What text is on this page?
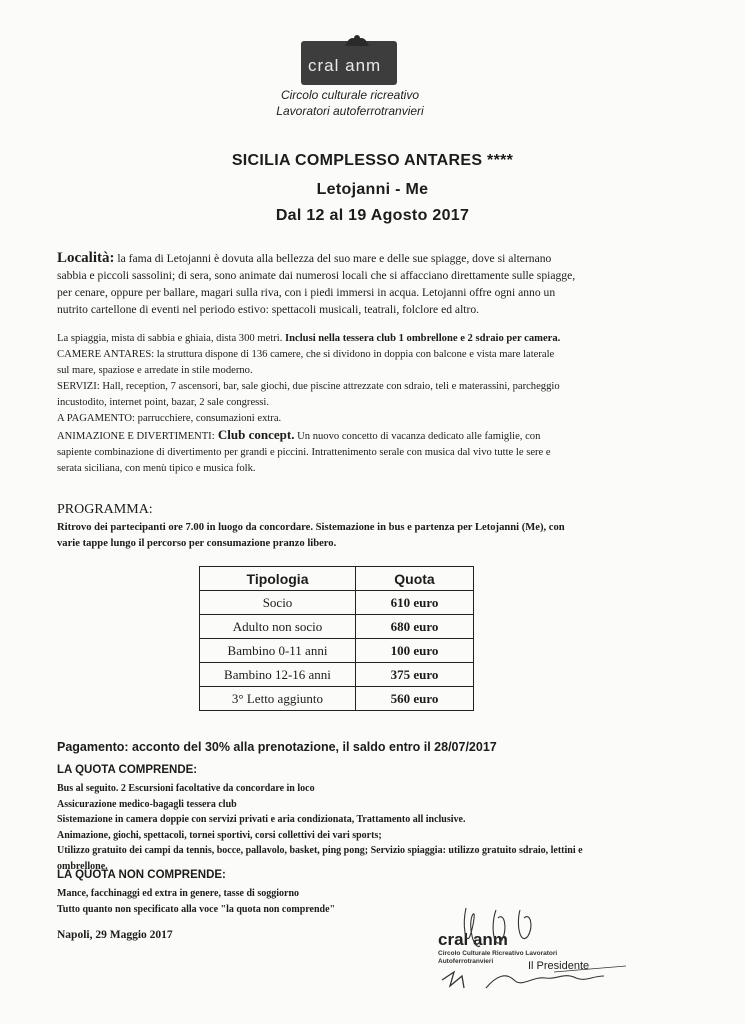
cral anm
Circolo culturale ricreativo
Lavoratori autoferrotranvieri
SICILIA COMPLESSO ANTARES ****
Letojanni - Me
Dal 12 al 19 Agosto 2017
Località: la fama di Letojanni è dovuta alla bellezza del suo mare e delle sue spiagge, dove si alternano
sabbia e piccoli sassolini; di sera, sono animate dai numerosi locali che si affacciano direttamente sulle spiagge,
per cenare, oppure per ballare, magari sulla riva, con i piedi immersi in acqua. Letojanni offre ogni anno un
nutrito cartellone di eventi nel periodo estivo: spettacoli musicali, teatrali, folclore ed altro.
La spiaggia, mista di sabbia e ghiaia, dista 300 metri. Inclusi nella tessera club 1 ombrellone e 2 sdraio per camera.
CAMERE ANTARES: la struttura dispone di 136 camere, che si dividono in doppia con balcone e vista mare laterale
sul mare, spaziose e arredate in stile moderno.
SERVIZI: Hall, reception, 7 ascensori, bar, sale giochi, due piscine attrezzate con sdraio, teli e materassini, parcheggio
incustodito, internet point, bazar, 2 sale congressi.
A PAGAMENTO: parrucchiere, consumazioni extra.
ANIMAZIONE E DIVERTIMENTI: Club concept. Un nuovo concetto di vacanza dedicato alle famiglie, con
sapiente combinazione di divertimento per grandi e piccini. Intrattenimento serale con musica dal vivo tutte le sere e
serata siciliana, con menù tipico e musica folk.
PROGRAMMA:
Ritrovo dei partecipanti ore 7.00 in luogo da concordare. Sistemazione in bus e partenza per Letojanni (Me), con
varie tappe lungo il percorso per consumazione pranzo libero.
Tipologia	Quota
Socio	610 euro
Adulto non socio	680 euro
Bambino 0-11 anni	100 euro
Bambino 12-16 anni	375 euro
3° Letto aggiunto	560 euro
Pagamento: acconto del 30% alla prenotazione, il saldo entro il 28/07/2017
LA QUOTA COMPRENDE:
Bus al seguito. 2 Escursioni facoltative da concordare in loco
Assicurazione medico-bagagli tessera club
Sistemazione in camera doppie con servizi privati e aria condizionata, Trattamento all inclusive.
Animazione, giochi, spettacoli, tornei sportivi, corsi collettivi dei vari sports;
Utilizzo gratuito dei campi da tennis, bocce, pallavolo, basket, ping pong; Servizio spiaggia: utilizzo gratuito sdraio, lettini e
ombrellone.
LA QUOTA NON COMPRENDE:
Mance, facchinaggi ed extra in genere, tasse di soggiorno
Tutto quanto non specificato alla voce "la quota non comprende"
Napoli, 29 Maggio 2017	cral anm
Circolo Culturale Ricreativo Lavoratori
Autoferrotranvieri	Il Presidente
